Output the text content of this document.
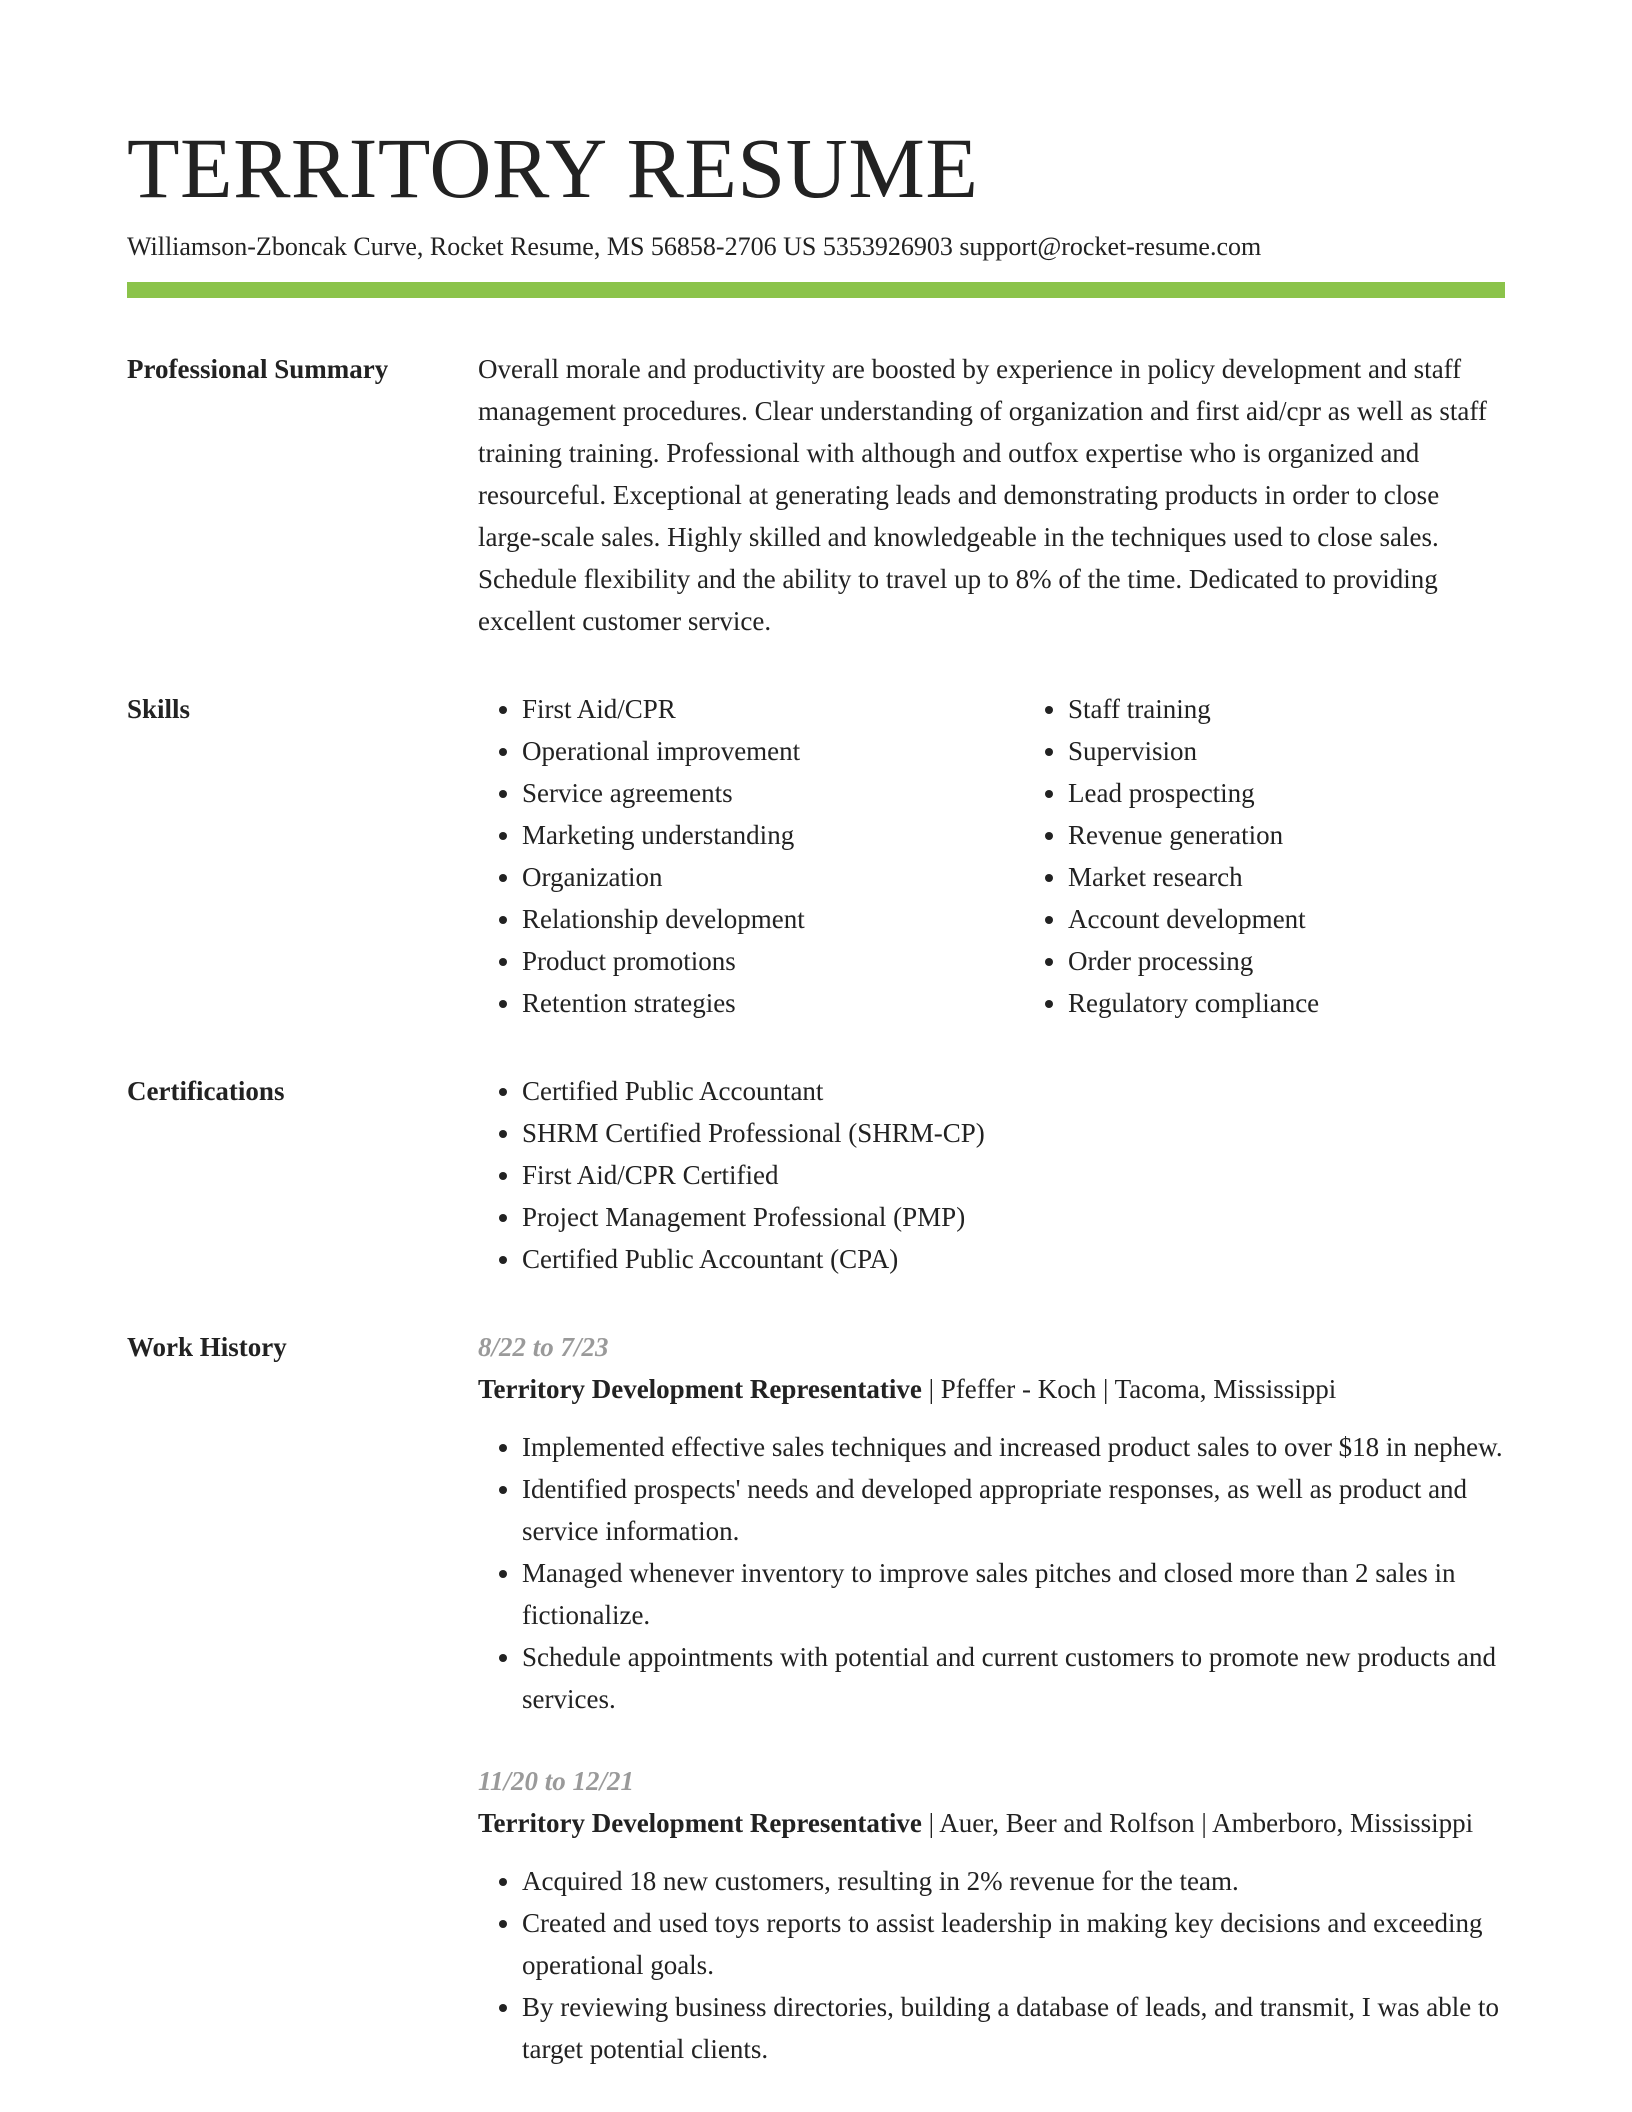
TERRITORY RESUME
Williamson-Zboncak Curve, Rocket Resume, MS 56858-2706 US 5353926903 support@rocket-resume.com
Professional Summary	Overall morale and productivity are boosted by experience in policy development and staff management procedures. Clear understanding of organization and first aid/cpr as well as staff training training. Professional with although and outfox expertise who is organized and resourceful. Exceptional at generating leads and demonstrating products in order to close large-scale sales. Highly skilled and knowledgeable in the techniques used to close sales. Schedule flexibility and the ability to travel up to 8% of the time. Dedicated to providing excellent customer service.

Skills	• First Aid/CPR
• Operational improvement
• Service agreements
• Marketing understanding
• Organization
• Relationship development
• Product promotions
• Retention strategies
• Staff training
• Supervision
• Lead prospecting
• Revenue generation
• Market research
• Account development
• Order processing
• Regulatory compliance
Certifications	• Certified Public Accountant
• SHRM Certified Professional (SHRM-CP)
• First Aid/CPR Certified
• Project Management Professional (PMP)
• Certified Public Accountant (CPA)
Work History	8/22 to 7/23
Territory Development Representative | Pfeffer - Koch | Tacoma, Mississippi
• Implemented effective sales techniques and increased product sales to over $18 in nephew.
• Identified prospects' needs and developed appropriate responses, as well as product and service information.
• Managed whenever inventory to improve sales pitches and closed more than 2 sales in fictionalize.
• Schedule appointments with potential and current customers to promote new products and services.
11/20 to 12/21
Territory Development Representative | Auer, Beer and Rolfson | Amberboro, Mississippi
• Acquired 18 new customers, resulting in 2% revenue for the team.
• Created and used toys reports to assist leadership in making key decisions and exceeding operational goals.
• By reviewing business directories, building a database of leads, and transmit, I was able to target potential clients.
